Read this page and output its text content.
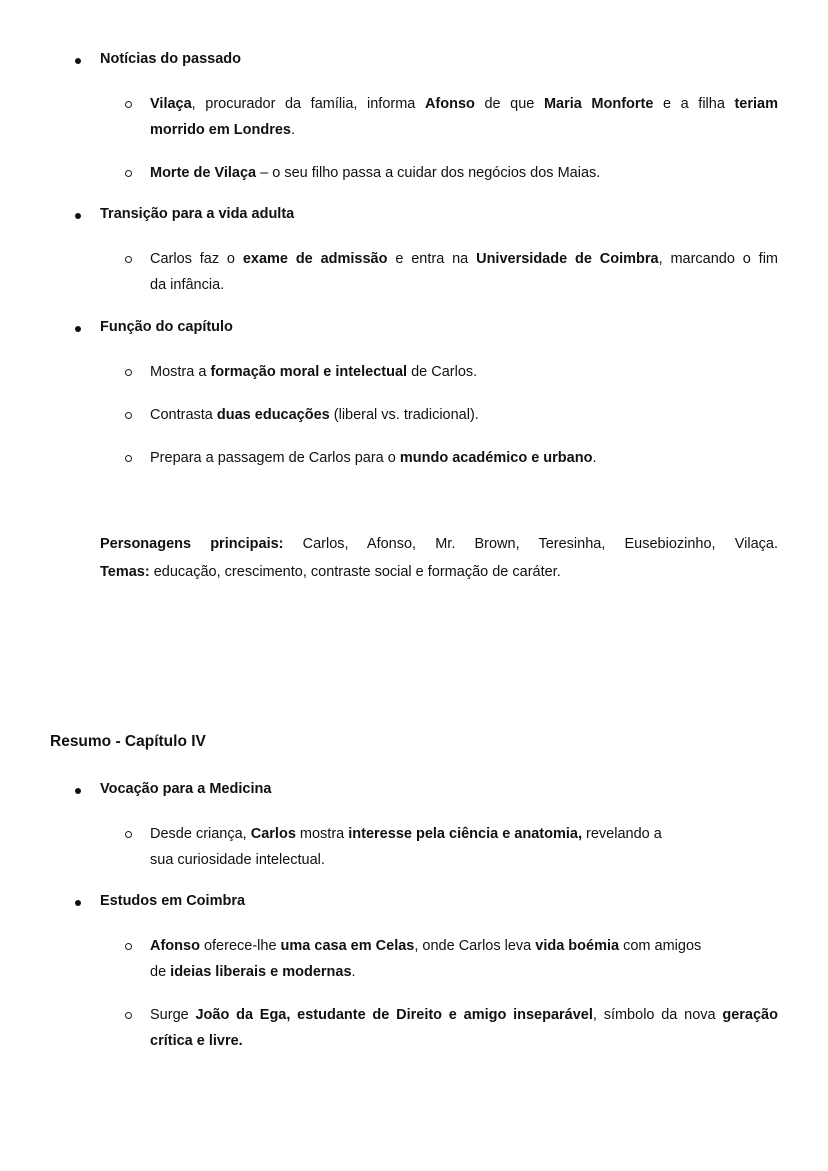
Notícias do passado
Vilaça, procurador da família, informa Afonso de que Maria Monforte e a filha teriam
morrido em Londres.
Morte de Vilaça – o seu filho passa a cuidar dos negócios dos Maias.
Transição para a vida adulta
Carlos faz o exame de admissão e entra na Universidade de Coimbra, marcando o fim
da infância.
Função do capítulo
Mostra a formação moral e intelectual de Carlos.
Contrasta duas educações (liberal vs. tradicional).
Prepara a passagem de Carlos para o mundo académico e urbano.
Personagens principais: Carlos, Afonso, Mr. Brown, Teresinha, Eusebiozinho, Vilaça.
Temas: educação, crescimento, contraste social e formação de caráter.
Resumo - Capítulo IV
Vocação para a Medicina
Desde criança, Carlos mostra interesse pela ciência e anatomia, revelando a
sua curiosidade intelectual.
Estudos em Coimbra
Afonso oferece-lhe uma casa em Celas, onde Carlos leva vida boémia com amigos
de ideias liberais e modernas.
Surge João da Ega, estudante de Direito e amigo inseparável, símbolo da nova geração
crítica e livre.
